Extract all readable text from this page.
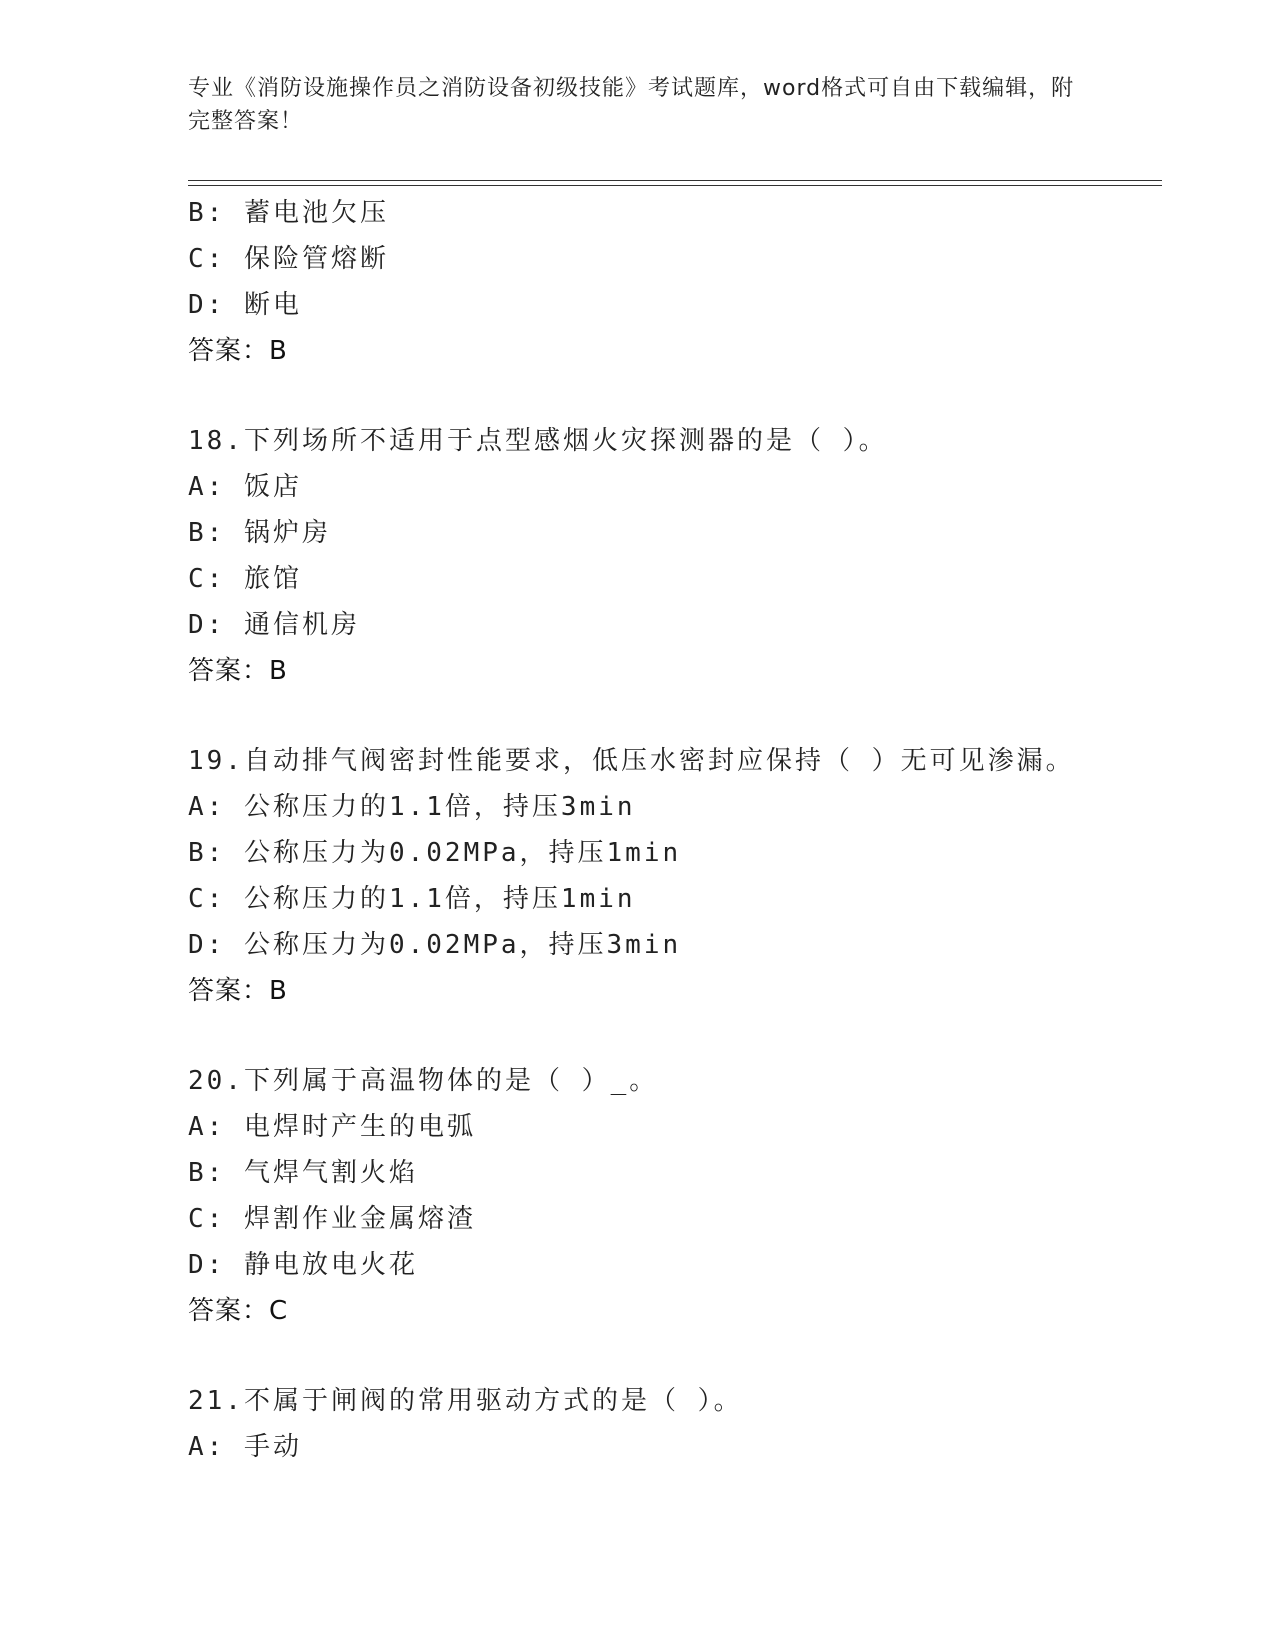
专业《消防设施操作员之消防设备初级技能》考试题库，word格式可自由下载编辑，附完整答案！
B: 蓄电池欠压
C: 保险管熔断
D: 断电
答案：B
18.下列场所不适用于点型感烟火灾探测器的是（ ）。
A: 饭店
B: 锅炉房
C: 旅馆
D: 通信机房
答案：B
19.自动排气阀密封性能要求，低压水密封应保持（ ）无可见渗漏。
A: 公称压力的1.1倍，持压3min
B: 公称压力为0.02MPa，持压1min
C: 公称压力的1.1倍，持压1min
D: 公称压力为0.02MPa，持压3min
答案：B
20.下列属于高温物体的是（ ）_。
A: 电焊时产生的电弧
B: 气焊气割火焰
C: 焊割作业金属熔渣
D: 静电放电火花
答案：C
21.不属于闸阀的常用驱动方式的是（ ）。
A: 手动
